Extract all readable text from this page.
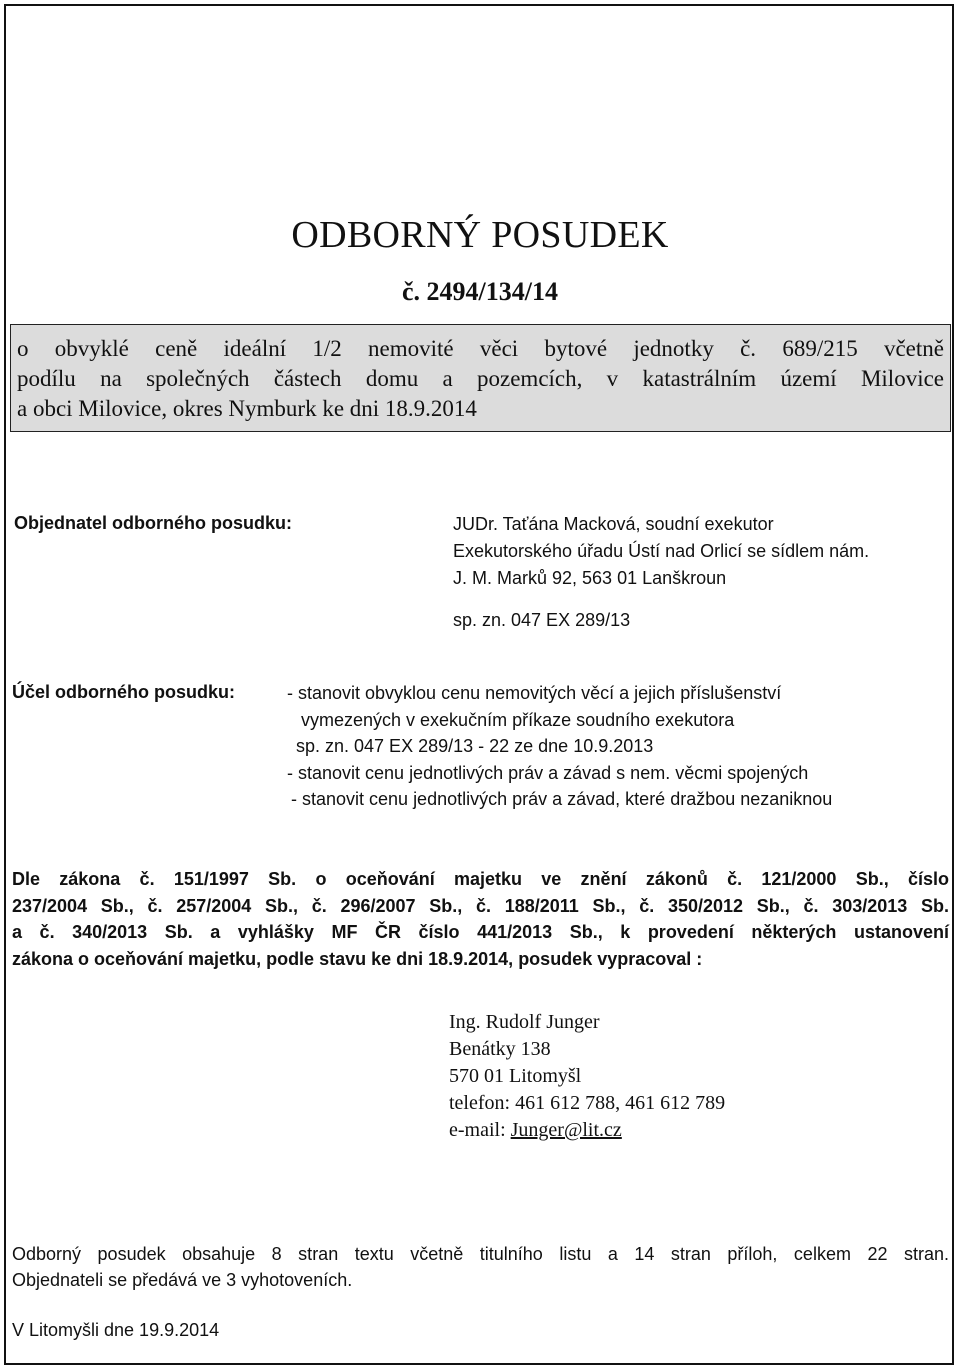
ODBORNÝ POSUDEK
č. 2494/134/14
o obvyklé ceně ideální 1/2 nemovité věci bytové jednotky č. 689/215 včetně
podílu na společných částech domu a pozemcích, v katastrálním území Milovice
a obci Milovice, okres Nymburk ke dni 18.9.2014
Objednatel odborného posudku:	JUDr. Taťána Macková, soudní exekutor
Exekutorského úřadu Ústí nad Orlicí se sídlem nám.
J. M. Marků 92, 563 01 Lanškroun
sp. zn. 047 EX 289/13
Účel odborného posudku:	- stanovit obvyklou cenu nemovitých věcí a jejich příslušenství
vymezených v exekučním příkaze soudního exekutora
sp. zn. 047 EX 289/13 - 22 ze dne 10.9.2013
- stanovit cenu jednotlivých práv a závad s nem. věcmi spojených
- stanovit cenu jednotlivých práv a závad, které dražbou nezaniknou
Dle zákona č. 151/1997 Sb. o oceňování majetku ve znění zákonů č. 121/2000 Sb., číslo
237/2004 Sb., č. 257/2004 Sb., č. 296/2007 Sb., č. 188/2011 Sb., č. 350/2012 Sb., č. 303/2013 Sb.
a č. 340/2013 Sb. a vyhlášky MF ČR číslo 441/2013 Sb., k provedení některých ustanovení
zákona o oceňování majetku, podle stavu ke dni 18.9.2014, posudek vypracoval :
Ing. Rudolf Junger
Benátky 138
570 01 Litomyšl
telefon: 461 612 788, 461 612 789
e-mail: Junger@lit.cz
Odborný posudek obsahuje 8 stran textu včetně titulního listu a 14 stran příloh, celkem 22 stran.
Objednateli se předává ve 3 vyhotoveních.
V Litomyšli dne 19.9.2014
